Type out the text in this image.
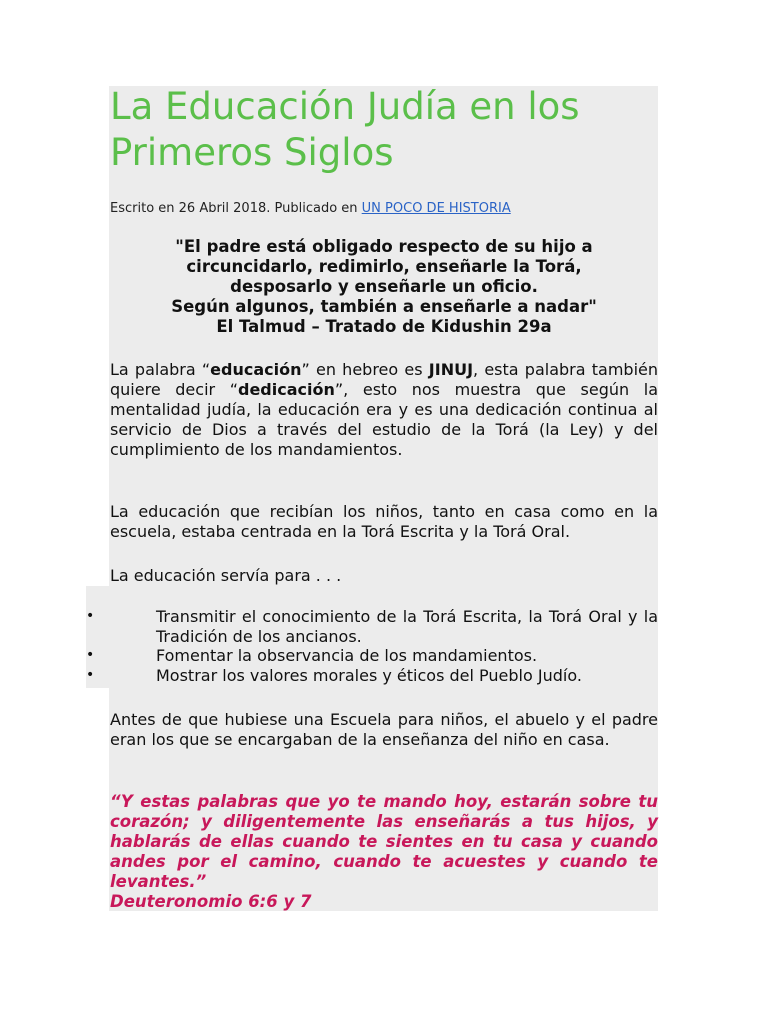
La Educación Judía en los Primeros Siglos
Escrito en 26 Abril 2018. Publicado en UN POCO DE HISTORIA
"El padre está obligado respecto de su hijo a
circuncidarlo, redimirlo, enseñarle la Torá,
desposarlo y enseñarle un oficio.
Según algunos, también a enseñarle a nadar"
El Talmud – Tratado de Kidushin 29a

La palabra “educación” en hebreo es JINUJ, esta palabra también quiere decir “dedicación”, esto nos muestra que según la mentalidad judía, la educación era y es una dedicación continua al servicio de Dios a través del estudio de la Torá (la Ley) y del cumplimiento de los mandamientos.

La educación que recibían los niños, tanto en casa como en la escuela, estaba centrada en la Torá Escrita y la Torá Oral.

La educación servía para . . .

•	Transmitir el conocimiento de la Torá Escrita, la Torá Oral y la Tradición de los ancianos.
•	Fomentar la observancia de los mandamientos.
•	Mostrar los valores morales y éticos del Pueblo Judío.

Antes de que hubiese una Escuela para niños, el abuelo y el padre eran los que se encargaban de la enseñanza del niño en casa.

“Y estas palabras que yo te mando hoy, estarán sobre tu corazón; y diligentemente las enseñarás a tus hijos, y hablarás de ellas cuando te sientes en tu casa y cuando andes por el camino, cuando te acuestes y cuando te levantes.”
Deuteronomio 6:6 y 7
